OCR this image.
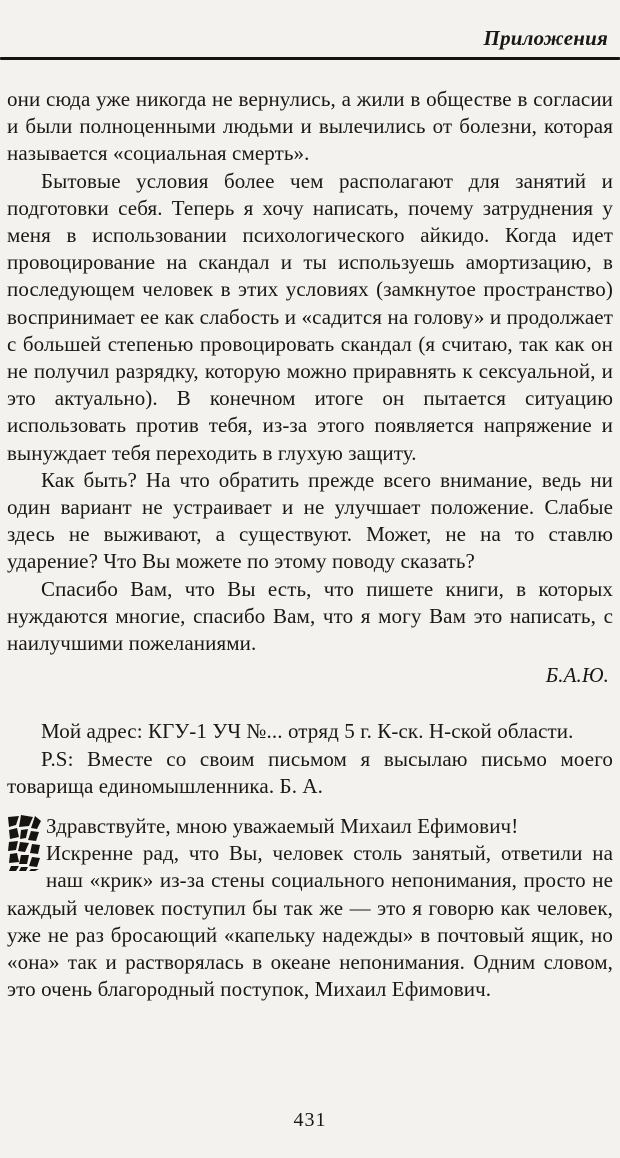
Приложения

они сюда уже никогда не вернулись, а жили в обществе в согласии и были полноценными людьми и вылечились от болезни, которая называется «социальная смерть».

Бытовые условия более чем располагают для занятий и подготовки себя. Теперь я хочу написать, почему затруднения у меня в использовании психологического айкидо. Когда идет провоцирование на скандал и ты используешь амортизацию, в последующем человек в этих условиях (замкнутое пространство) воспринимает ее как слабость и «садится на голову» и продолжает с большей степенью провоцировать скандал (я считаю, так как он не получил разрядку, которую можно приравнять к сексуальной, и это актуально). В конечном итоге он пытается ситуацию использовать против тебя, из-за этого появляется напряжение и вынуждает тебя переходить в глухую защиту.

Как быть? На что обратить прежде всего внимание, ведь ни один вариант не устраивает и не улучшает положение. Слабые здесь не выживают, а существуют. Может, не на то ставлю ударение? Что Вы можете по этому поводу сказать?

Спасибо Вам, что Вы есть, что пишете книги, в которых нуждаются многие, спасибо Вам, что я могу Вам это написать, с наилучшими пожеланиями.

Б.А.Ю.

Мой адрес: КГУ-1 УЧ №... отряд 5 г. К-ск. Н-ской области.

P.S: Вместе со своим письмом я высылаю письмо моего товарища единомышленника. Б. А.

Здравствуйте, мною уважаемый Михаил Ефимович!

Искренне рад, что Вы, человек столь занятый, ответили на наш «крик» из-за стены социального непонимания, просто не каждый человек поступил бы так же — это я говорю как человек, уже не раз бросающий «капельку надежды» в почтовый ящик, но «она» так и растворялась в океане непонимания. Одним словом, это очень благородный поступок, Михаил Ефимович.

431
